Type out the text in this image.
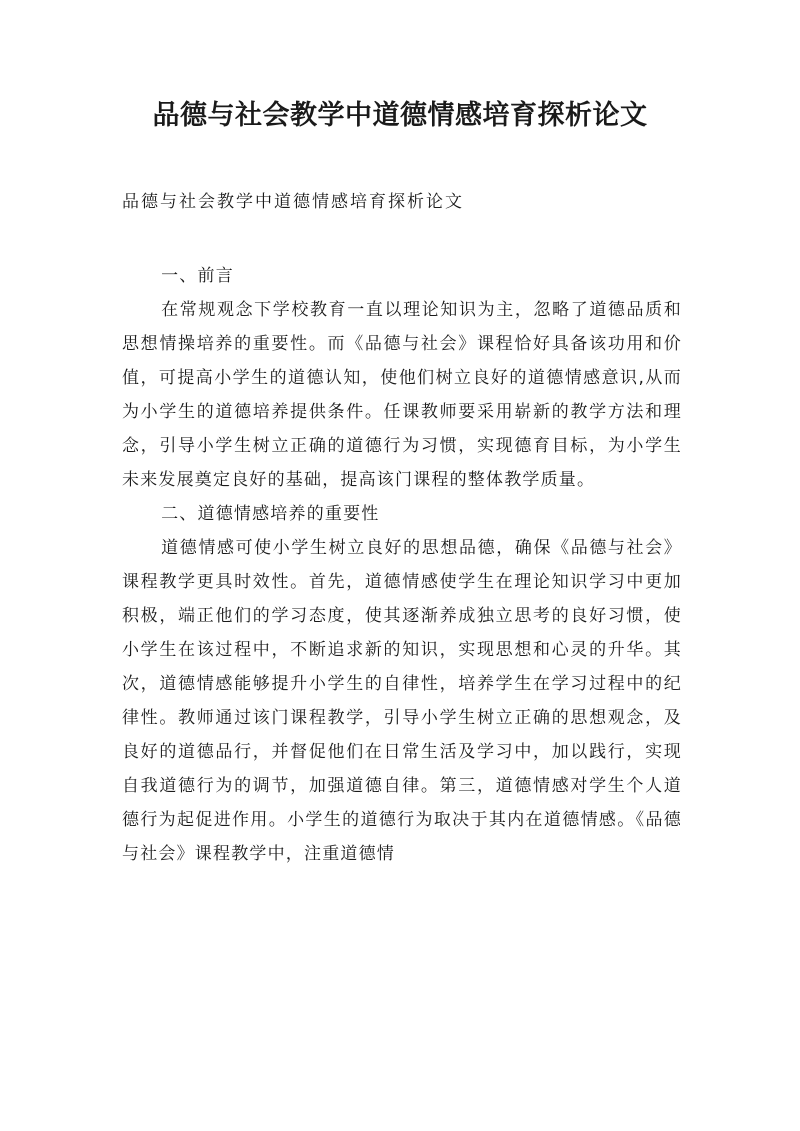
品德与社会教学中道德情感培育探析论文

品德与社会教学中道德情感培育探析论文

一、前言

在常规观念下学校教育一直以理论知识为主，忽略了道德品质和思想情操培养的重要性。而《品德与社会》课程恰好具备该功用和价值，可提高小学生的道德认知，使他们树立良好的道德情感意识,从而为小学生的道德培养提供条件。任课教师要采用崭新的教学方法和理念，引导小学生树立正确的道德行为习惯，实现德育目标，为小学生未来发展奠定良好的基础，提高该门课程的整体教学质量。

二、道德情感培养的重要性

道德情感可使小学生树立良好的思想品德，确保《品德与社会》课程教学更具时效性。首先，道德情感使学生在理论知识学习中更加积极，端正他们的学习态度，使其逐渐养成独立思考的良好习惯，使小学生在该过程中，不断追求新的知识，实现思想和心灵的升华。其次，道德情感能够提升小学生的自律性，培养学生在学习过程中的纪律性。教师通过该门课程教学，引导小学生树立正确的思想观念，及良好的道德品行，并督促他们在日常生活及学习中，加以践行，实现自我道德行为的调节，加强道德自律。第三，道德情感对学生个人道德行为起促进作用。小学生的道德行为取决于其内在道德情感。《品德与社会》课程教学中，注重道德情
